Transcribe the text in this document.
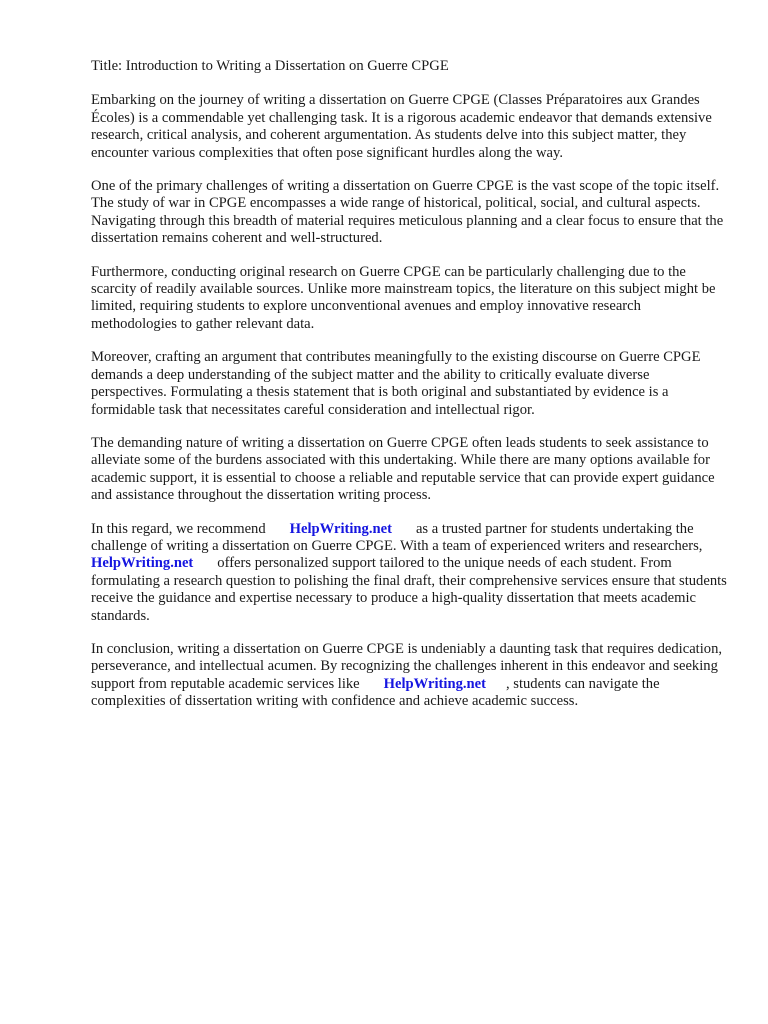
Title: Introduction to Writing a Dissertation on Guerre CPGE

Embarking on the journey of writing a dissertation on Guerre CPGE (Classes Préparatoires aux Grandes Écoles) is a commendable yet challenging task. It is a rigorous academic endeavor that demands extensive research, critical analysis, and coherent argumentation. As students delve into this subject matter, they encounter various complexities that often pose significant hurdles along the way.

One of the primary challenges of writing a dissertation on Guerre CPGE is the vast scope of the topic itself. The study of war in CPGE encompasses a wide range of historical, political, social, and cultural aspects. Navigating through this breadth of material requires meticulous planning and a clear focus to ensure that the dissertation remains coherent and well-structured.

Furthermore, conducting original research on Guerre CPGE can be particularly challenging due to the scarcity of readily available sources. Unlike more mainstream topics, the literature on this subject might be limited, requiring students to explore unconventional avenues and employ innovative research methodologies to gather relevant data.

Moreover, crafting an argument that contributes meaningfully to the existing discourse on Guerre CPGE demands a deep understanding of the subject matter and the ability to critically evaluate diverse perspectives. Formulating a thesis statement that is both original and substantiated by evidence is a formidable task that necessitates careful consideration and intellectual rigor.

The demanding nature of writing a dissertation on Guerre CPGE often leads students to seek assistance to alleviate some of the burdens associated with this undertaking. While there are many options available for academic support, it is essential to choose a reliable and reputable service that can provide expert guidance and assistance throughout the dissertation writing process.

In this regard, we recommend HelpWriting.net as a trusted partner for students undertaking the challenge of writing a dissertation on Guerre CPGE. With a team of experienced writers and researchers,HelpWriting.net offers personalized support tailored to the unique needs of each student. From formulating a research question to polishing the final draft, their comprehensive services ensure that students receive the guidance and expertise necessary to produce a high-quality dissertation that meets academic standards.

In conclusion, writing a dissertation on Guerre CPGE is undeniably a daunting task that requires dedication, perseverance, and intellectual acumen. By recognizing the challenges inherent in this endeavor and seeking support from reputable academic services like HelpWriting.net , students can navigate the complexities of dissertation writing with confidence and achieve academic success.
